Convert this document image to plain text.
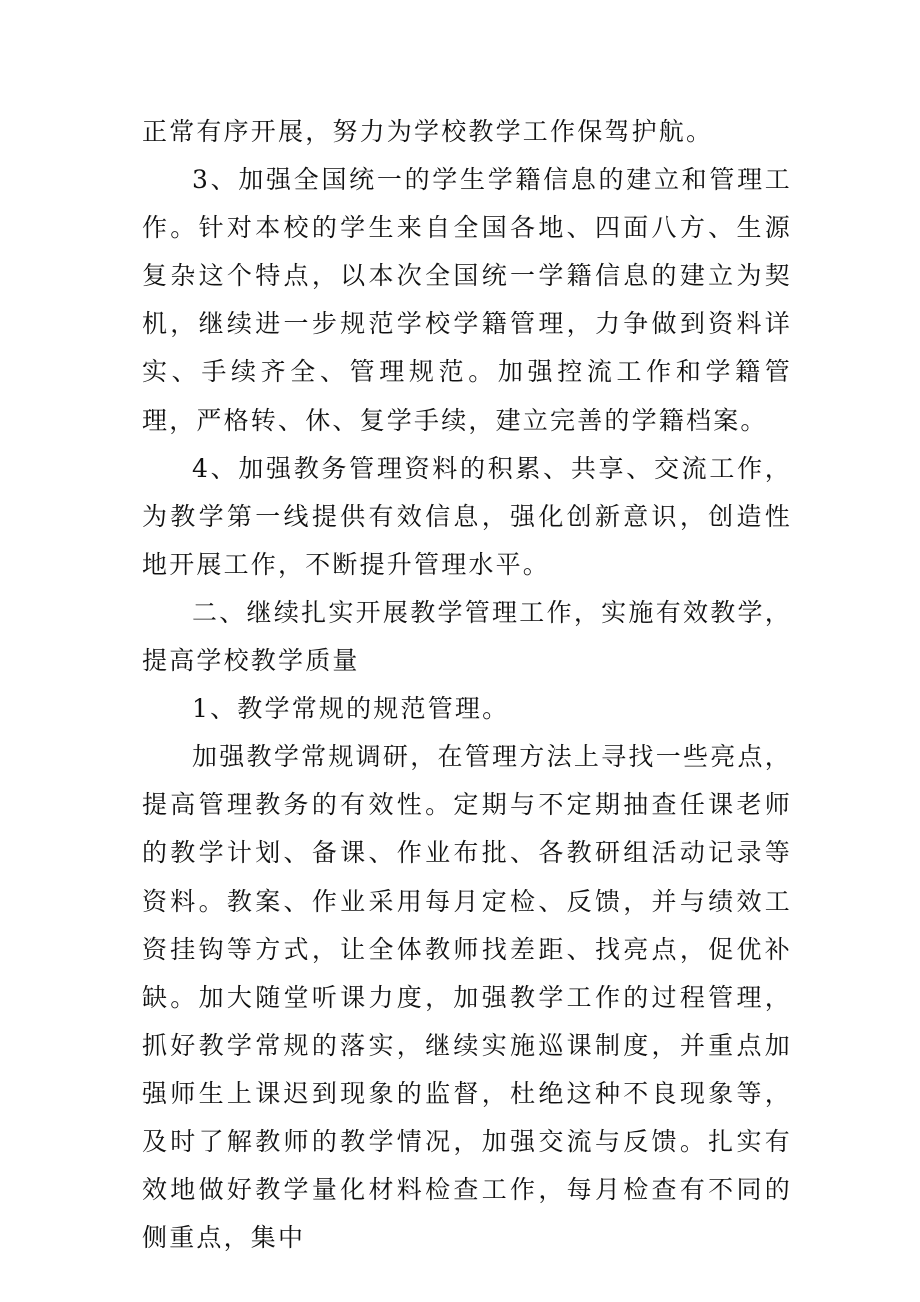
正常有序开展，努力为学校教学工作保驾护航。

3、加强全国统一的学生学籍信息的建立和管理工作。针对本校的学生来自全国各地、四面八方、生源复杂这个特点，以本次全国统一学籍信息的建立为契机，继续进一步规范学校学籍管理，力争做到资料详实、手续齐全、管理规范。加强控流工作和学籍管理，严格转、休、复学手续，建立完善的学籍档案。

4、加强教务管理资料的积累、共享、交流工作，为教学第一线提供有效信息，强化创新意识，创造性地开展工作，不断提升管理水平。

二、继续扎实开展教学管理工作，实施有效教学，提高学校教学质量

1、教学常规的规范管理。

加强教学常规调研，在管理方法上寻找一些亮点，提高管理教务的有效性。定期与不定期抽查任课老师的教学计划、备课、作业布批、各教研组活动记录等资料。教案、作业采用每月定检、反馈，并与绩效工资挂钩等方式，让全体教师找差距、找亮点，促优补缺。加大随堂听课力度，加强教学工作的过程管理，抓好教学常规的落实，继续实施巡课制度，并重点加强师生上课迟到现象的监督，杜绝这种不良现象等，及时了解教师的教学情况，加强交流与反馈。扎实有效地做好教学量化材料检查工作，每月检查有不同的侧重点，集中
